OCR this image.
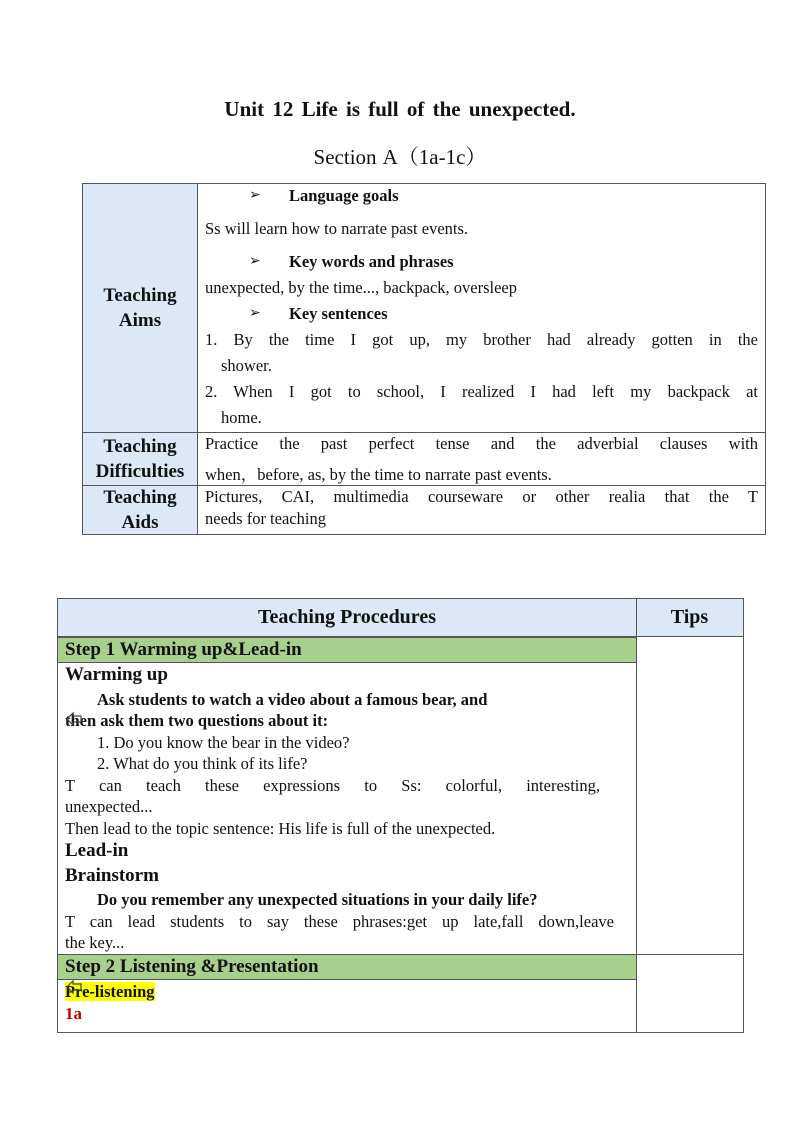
Unit 12 Life is full of the unexpected.
Section A（1a-1c）
Teaching
Aims
➢ Language goals
Ss will learn how to narrate past events.
➢ Key words and phrases
unexpected, by the time..., backpack, oversleep
➢ Key sentences
1. By the time I got up, my brother had already gotten in the
shower.
2. When I got to school, I realized I had left my backpack at
home.
Teaching
Difficulties
Practice the past perfect tense and the adverbial clauses with
when，before, as, by the time to narrate past events.
Teaching
Aids
Pictures, CAI, multimedia courseware or other realia that the T
needs for teaching
Teaching Procedures	Tips
Step 1 Warming up&Lead-in
Warming up
Ask students to watch a video about a famous bear, and
then ask them two questions about it:
1. Do you know the bear in the video?
2. What do you think of its life?
T can teach these expressions to Ss: colorful, interesting,
unexpected...
Then lead to the topic sentence: His life is full of the unexpected.
Lead-in
Brainstorm
Do you remember any unexpected situations in your daily life?
T can lead students to say these phrases:get up late,fall down,leave
the key...
Step 2 Listening &Presentation
Pre-listening
1a
